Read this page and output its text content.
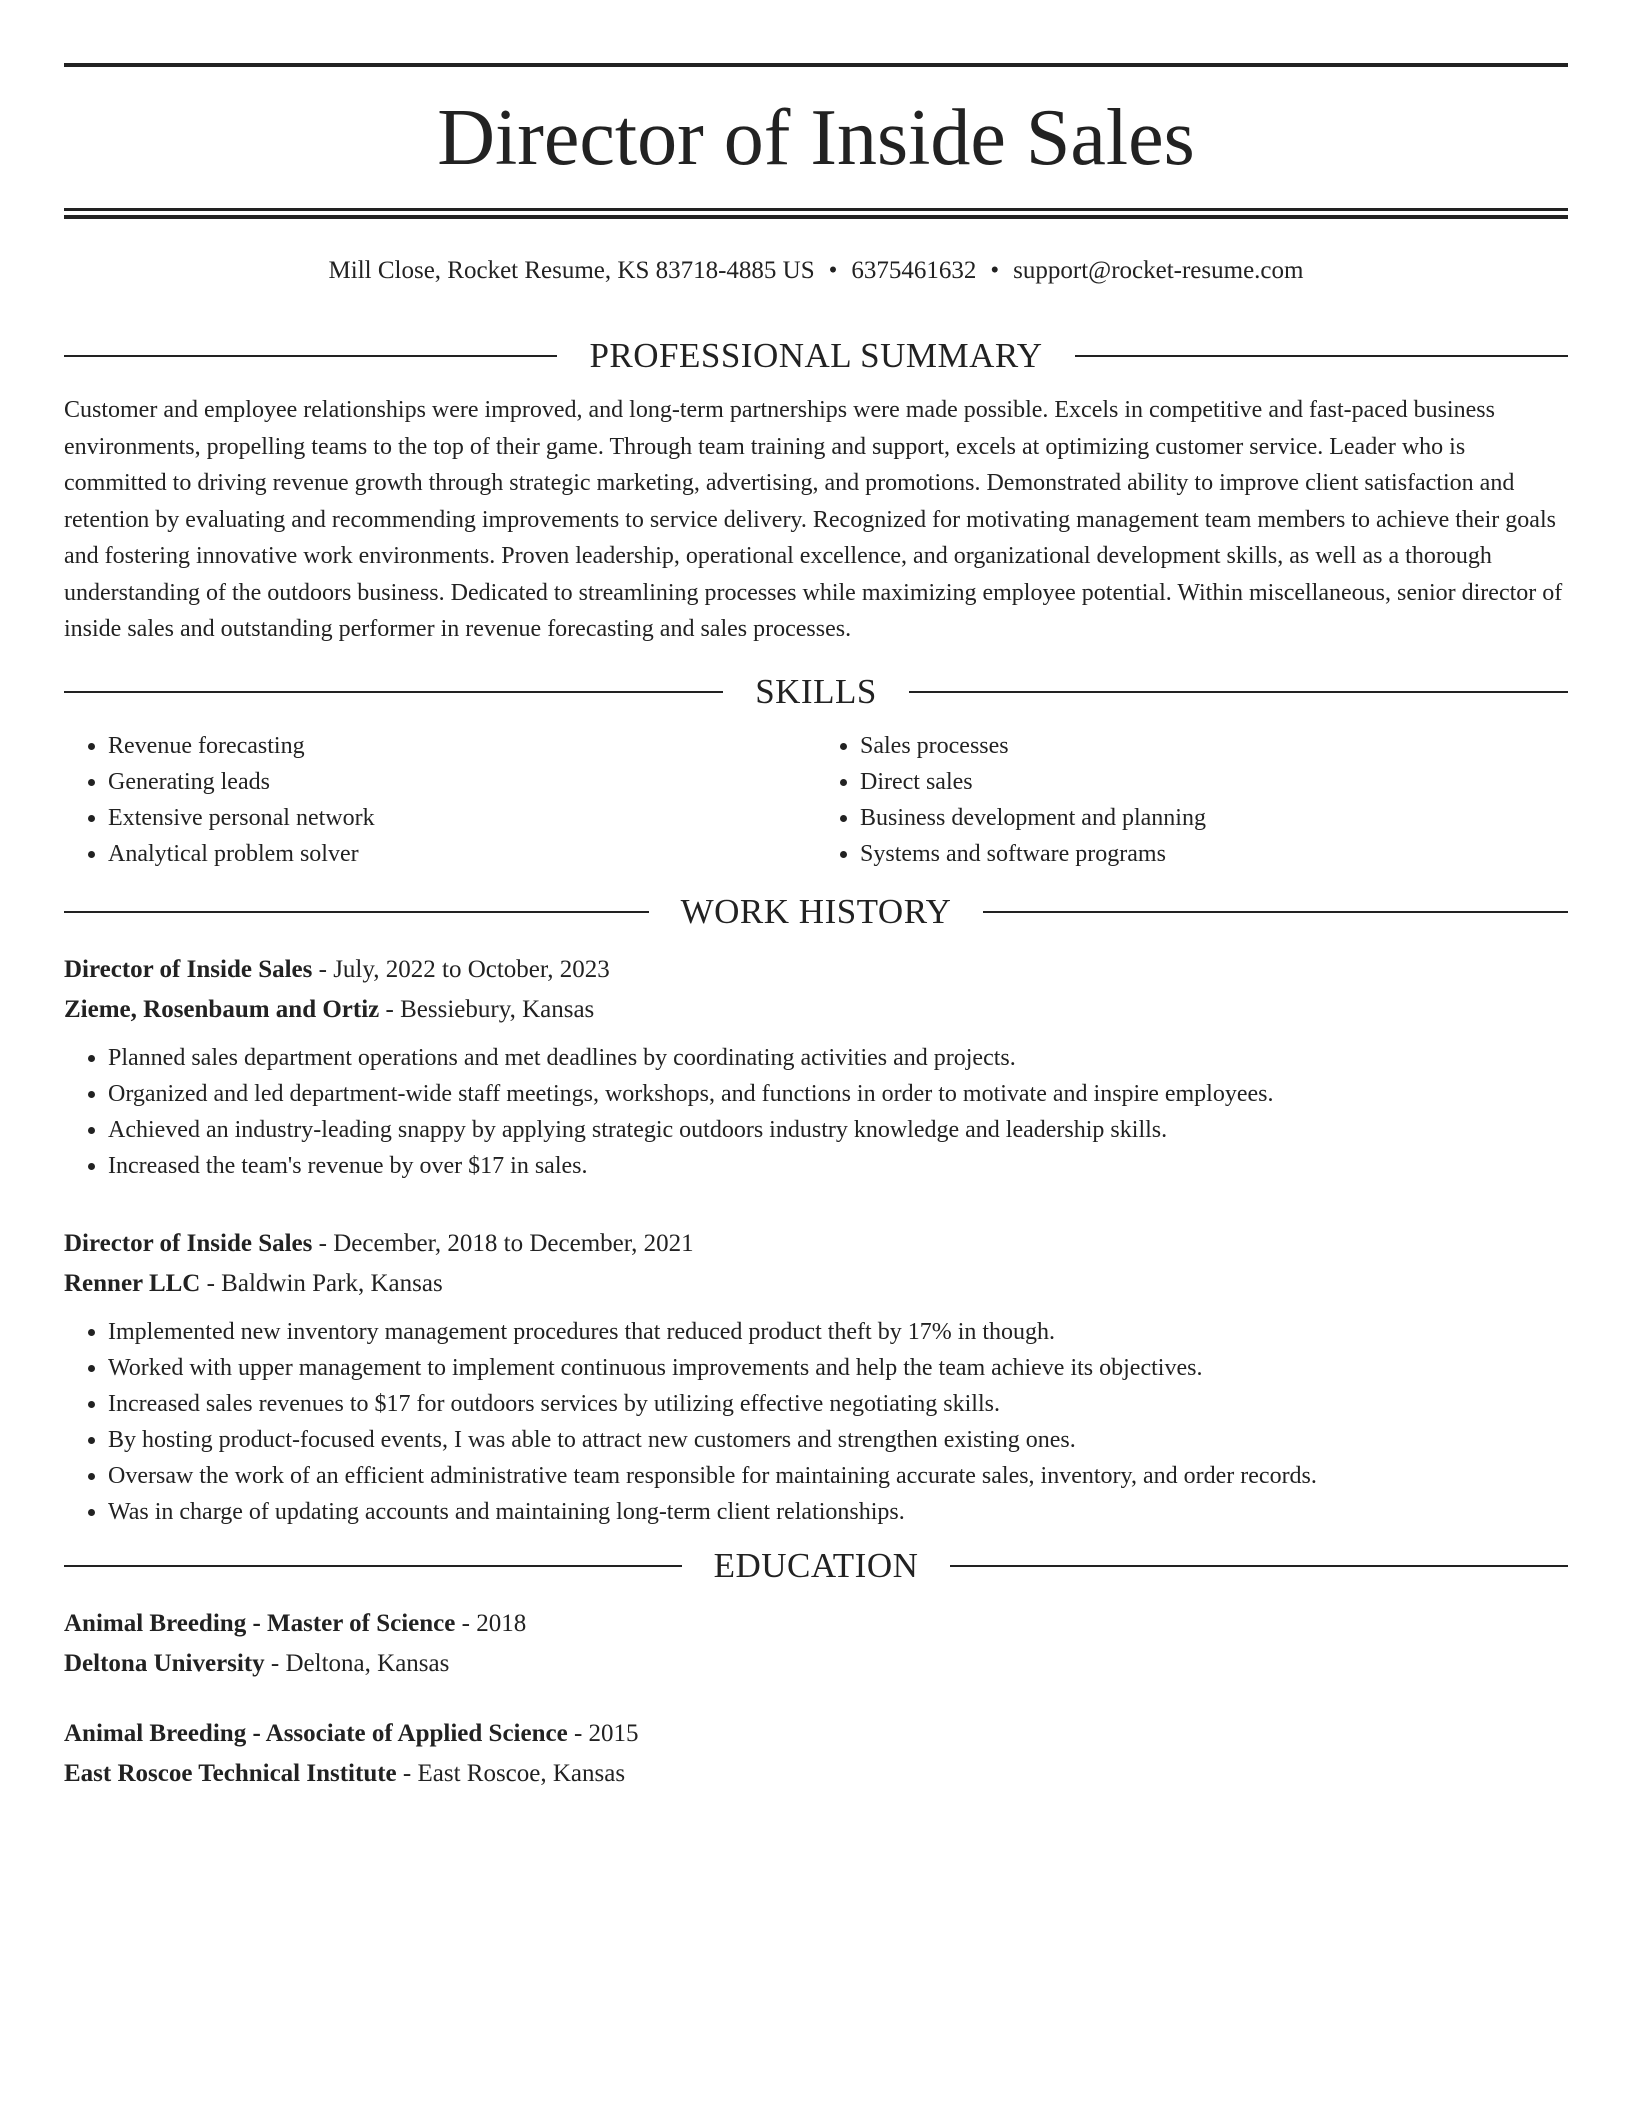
Director of Inside Sales
Mill Close, Rocket Resume, KS 83718-4885 US • 6375461632 • support@rocket-resume.com
PROFESSIONAL SUMMARY

Customer and employee relationships were improved, and long-term partnerships were made possible. Excels in competitive and fast-paced business environments, propelling teams to the top of their game. Through team training and support, excels at optimizing customer service. Leader who is committed to driving revenue growth through strategic marketing, advertising, and promotions. Demonstrated ability to improve client satisfaction and retention by evaluating and recommending improvements to service delivery. Recognized for motivating management team members to achieve their goals and fostering innovative work environments. Proven leadership, operational excellence, and organizational development skills, as well as a thorough understanding of the outdoors business. Dedicated to streamlining processes while maximizing employee potential. Within miscellaneous, senior director of inside sales and outstanding performer in revenue forecasting and sales processes.

SKILLS
• Revenue forecasting
• Generating leads
• Extensive personal network
• Analytical problem solver
• Sales processes
• Direct sales
• Business development and planning
• Systems and software programs
WORK HISTORY
Director of Inside Sales - July, 2022 to October, 2023
Zieme, Rosenbaum and Ortiz - Bessiebury, Kansas
• Planned sales department operations and met deadlines by coordinating activities and projects.
• Organized and led department-wide staff meetings, workshops, and functions in order to motivate and inspire employees.
• Achieved an industry-leading snappy by applying strategic outdoors industry knowledge and leadership skills.
• Increased the team's revenue by over $17 in sales.
Director of Inside Sales - December, 2018 to December, 2021
Renner LLC - Baldwin Park, Kansas
• Implemented new inventory management procedures that reduced product theft by 17% in though.
• Worked with upper management to implement continuous improvements and help the team achieve its objectives.
• Increased sales revenues to $17 for outdoors services by utilizing effective negotiating skills.
• By hosting product-focused events, I was able to attract new customers and strengthen existing ones.
• Oversaw the work of an efficient administrative team responsible for maintaining accurate sales, inventory, and order records.
• Was in charge of updating accounts and maintaining long-term client relationships.
EDUCATION
Animal Breeding - Master of Science - 2018
Deltona University - Deltona, Kansas
Animal Breeding - Associate of Applied Science - 2015
East Roscoe Technical Institute - East Roscoe, Kansas
